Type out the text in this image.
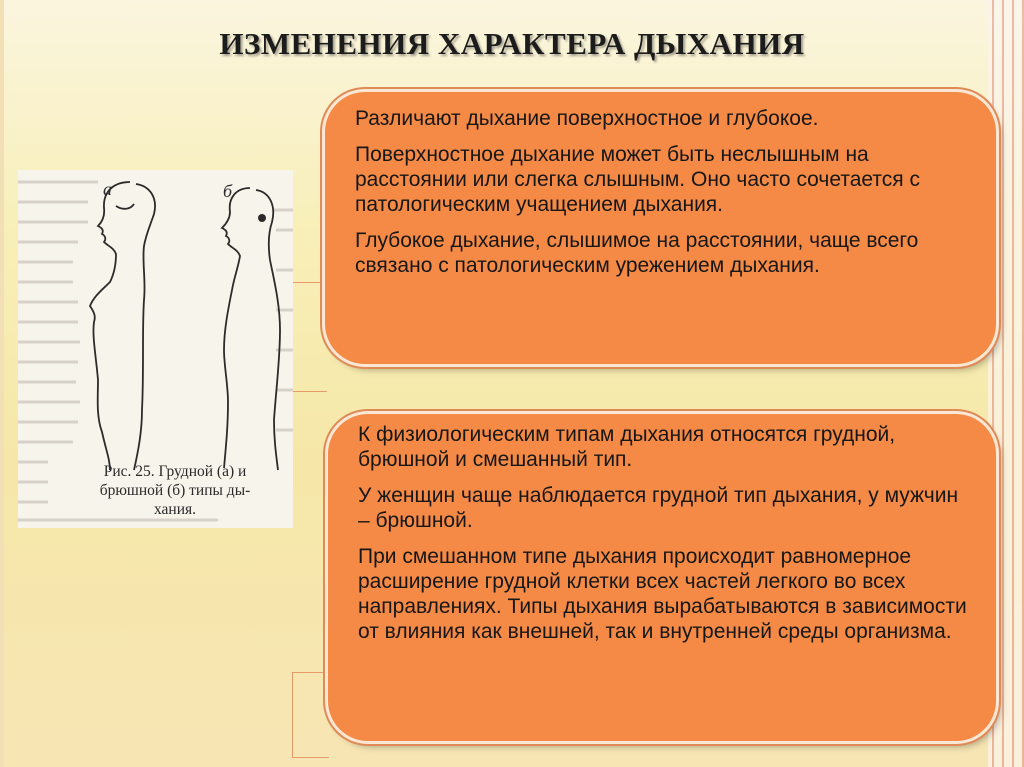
ИЗМЕНЕНИЯ ХАРАКТЕРА ДЫХАНИЯ
а	б
Рис. 25. Грудной (а) и
брюшной (б) типы ды-
хания.

Различают дыхание поверхностное и глубокое.

Поверхностное дыхание может быть неслышным на расстоянии или слегка слышным. Оно часто сочетается с патологическим учащением дыхания.

Глубокое дыхание, слышимое на расстоянии, чаще всего связано с патологическим урежением дыхания.

К физиологическим типам дыхания относятся грудной, брюшной и смешанный тип.

У женщин чаще наблюдается грудной тип дыхания, у мужчин – брюшной.

При смешанном типе дыхания происходит равномерное расширение грудной клетки всех частей легкого во всех направлениях. Типы дыхания вырабатываются в зависимости от влияния как внешней, так и внутренней среды организма.
